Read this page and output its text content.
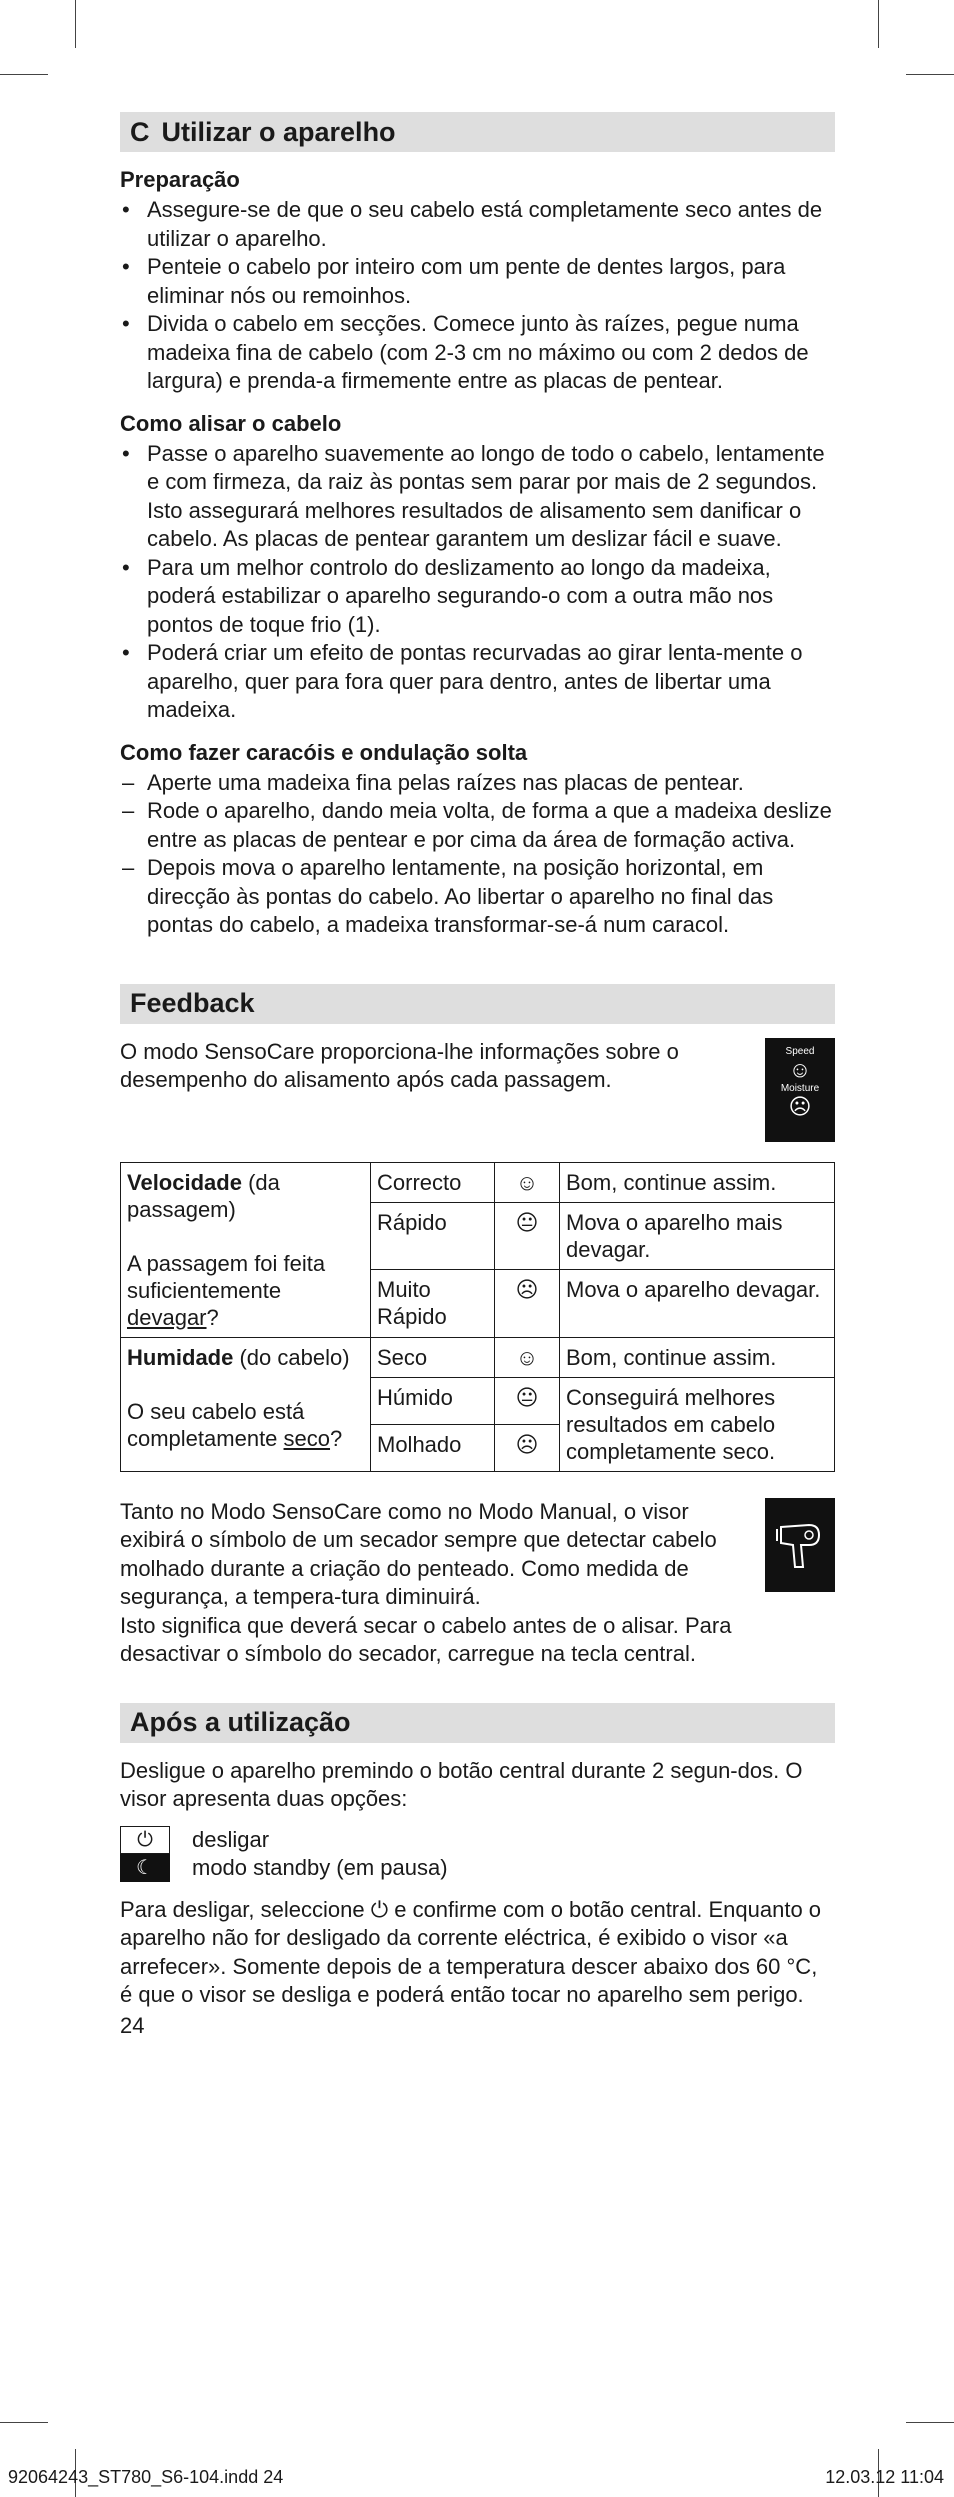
C Utilizar o aparelho

Preparação

• Assegure-se de que o seu cabelo está completamente seco antes de utilizar o aparelho.
• Penteie o cabelo por inteiro com um pente de dentes largos, para eliminar nós ou remoinhos.
• Divida o cabelo em secções. Comece junto às raízes, pegue numa madeixa fina de cabelo (com 2-3 cm no máximo ou com 2 dedos de largura) e prenda-a firmemente entre as placas de pentear.

Como alisar o cabelo

• Passe o aparelho suavemente ao longo de todo o cabelo, lentamente e com firmeza, da raiz às pontas sem parar por mais de 2 segundos. Isto assegurará melhores resultados de alisamento sem danificar o cabelo. As placas de pentear garantem um deslizar fácil e suave.
• Para um melhor controlo do deslizamento ao longo da madeixa, poderá estabilizar o aparelho segurando-o com a outra mão nos pontos de toque frio (1).
• Poderá criar um efeito de pontas recurvadas ao girar lenta-mente o aparelho, quer para fora quer para dentro, antes de libertar uma madeixa.

Como fazer caracóis e ondulação solta

– Aperte uma madeixa fina pelas raízes nas placas de pentear.
– Rode o aparelho, dando meia volta, de forma a que a madeixa deslize entre as placas de pentear e por cima da área de formação activa.
– Depois mova o aparelho lentamente, na posição horizontal, em direcção às pontas do cabelo. Ao libertar o aparelho no final das pontas do cabelo, a madeixa transformar-se-á num caracol.
Feedback

O modo SensoCare proporciona-lhe informações sobre o desempenho do alisamento após cada passagem.

Speed
☺
Moisture
☹
Velocidade (da passagem)

A passagem foi feita suficientemente devagar?	Correcto	☺	Bom, continue assim.
	Rápido	😐	Mova o aparelho mais devagar.
	Muito Rápido	☹	Mova o aparelho devagar.
Humidade (do cabelo)

O seu cabelo está completamente seco?	Seco	☺	Bom, continue assim.
	Húmido	😐	Conseguirá melhores resultados em cabelo completamente seco.
	Molhado	☹	

Tanto no Modo SensoCare como no Modo Manual, o visor exibirá o símbolo de um secador sempre que detectar cabelo molhado durante a criação do penteado. Como medida de segurança, a tempera-tura diminuirá.

Isto significa que deverá secar o cabelo antes de o alisar. Para desactivar o símbolo do secador, carregue na tecla central.

Após a utilização

Desligue o aparelho premindo o botão central durante 2 segun-dos. O visor apresenta duas opções:

⏻	desligar
☾	modo standby (em pausa)

Para desligar, seleccione ⏻ e confirme com o botão central. Enquanto o aparelho não for desligado da corrente eléctrica, é exibido o visor «a arrefecer». Somente depois de a temperatura descer abaixo dos 60 °C, é que o visor se desliga e poderá então tocar no aparelho sem perigo.

24

92064243_ST780_S6-104.indd 24	12.03.12 11:04
